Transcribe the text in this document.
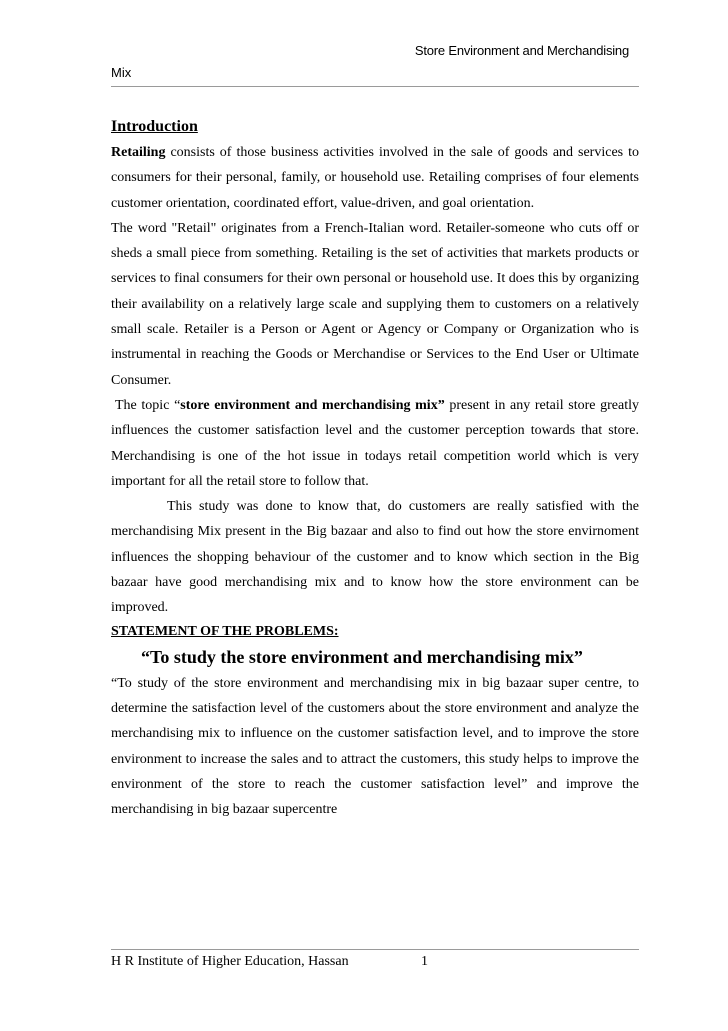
Store Environment and Merchandising
Mix

Introduction

Retailing consists of those business activities involved in the sale of goods and services to consumers for their personal, family, or household use. Retailing comprises of four elements customer orientation, coordinated effort, value-driven, and goal orientation.

The word "Retail" originates from a French-Italian word. Retailer-someone who cuts off or sheds a small piece from something. Retailing is the set of activities that markets products or services to final consumers for their own personal or household use. It does this by organizing their availability on a relatively large scale and supplying them to customers on a relatively small scale. Retailer is a Person or Agent or Agency or Company or Organization who is instrumental in reaching the Goods or Merchandise or Services to the End User or Ultimate Consumer.

The topic “store environment and merchandising mix” present in any retail store greatly influences the customer satisfaction level and the customer perception towards that store. Merchandising is one of the hot issue in todays retail competition world which is very important for all the retail store to follow that.

This study was done to know that, do customers are really satisfied with the merchandising Mix present in the Big bazaar and also to find out how the store envirnoment influences the shopping behaviour of the customer and to know which section in the Big bazaar have good merchandising mix and to know how the store environment can be improved.

STATEMENT OF THE PROBLEMS:

“To study the store environment and merchandising mix”

“To study of the store environment and merchandising mix in big bazaar super centre, to determine the satisfaction level of the customers about the store environment and analyze the merchandising mix to influence on the customer satisfaction level, and to improve the store environment to increase the sales and to attract the customers, this study helps to improve the environment of the store to reach the customer satisfaction level” and improve the merchandising in big bazaar supercentre

H R Institute of Higher Education, Hassan	1
